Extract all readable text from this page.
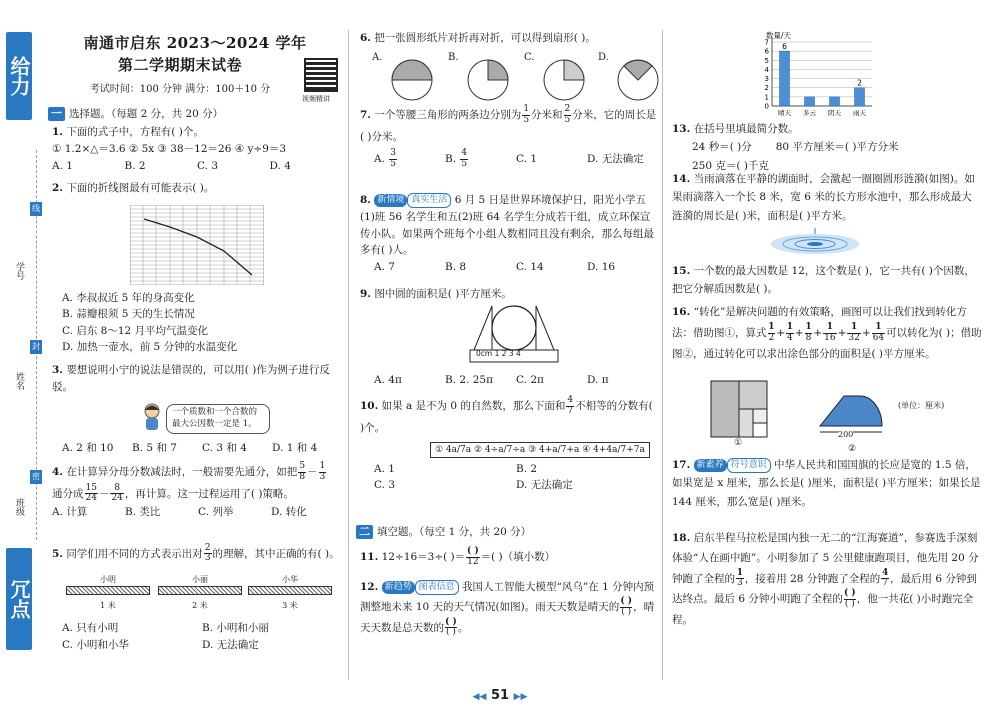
给力
冗点
学号
姓名
班级
线
封
密
南通市启东 2023～2024 学年
第二学期期末试卷
考试时间：100 分钟 满分：100＋10 分
视频精讲
一 选择题。（每题 2 分，共 20 分）
1. 下面的式子中，方程有( )个。
① 1.2×△＝3.6 ② 5x ③ 38－12＝26 ④ y÷9＝3
A. 1	B. 2	C. 3	D. 4
2. 下面的折线图最有可能表示( )。
A. 李叔叔近 5 年的身高变化
B. 蒜瓣根须 5 天的生长情况
C. 启东 8～12 月平均气温变化
D. 加热一壶水，前 5 分钟的水温变化
3. 要想说明小宁的说法是错误的，可以用( )作为例子进行反驳。
一个质数和一个合数的最大公因数一定是 1。
A. 2 和 10	B. 5 和 7	C. 3 和 4	D. 1 和 4
4. 在计算异分母分数减法时，一般需要先通分，如把 $\frac{5}{8} - \frac{1}{3}$
通分成 $\frac{15}{24} - \frac{8}{24}$ ，再计算。这一过程运用了( )策略。
A. 计算	B. 类比	C. 列举	D. 转化
5. 同学们用不同的方式表示出对 $\frac{2}{3}$ 的理解，其中正确的有( )。
小明	小丽	小华
1 米	2 米	3 米
A. 只有小明	B. 小明和小丽
C. 小明和小华	D. 无法确定
6. 把一张圆形纸片对折再对折，可以得到扇形( )。
A.	B.	C.	D.
7. 一个等腰三角形的两条边分别为 $\frac{1}{5}$ 分米和 $\frac{2}{5}$ 分米，它的周长是( )分米。
A. $\frac{3}{5}$	B. $\frac{4}{5}$	C. 1	D. 无法确定
8. 新情境 真实生活 6 月 5 日是世界环境保护日，阳光小学五(1)班 56 名学生和五(2)班 64 名学生分成若干组，成立环保宣传小队。如果两个班每个小组人数相同且没有剩余，那么每组最多有( )人。
A. 7	B. 8	C. 14	D. 16
9. 图中圆的面积是( )平方厘米。
0cm 1 2 3 4
A. 4π	B. 2. 25π	C. 2π	D. π
10. 如果 a 是不为 0 的自然数，那么下面和 $\frac{4}{7}$ 不相等的分数有( )个。
① 4a/7a ② 4÷a/7÷a ③ 4+a/7+a ④ 4+4a/7+7a
A. 1	B. 2
C. 3	D. 无法确定
二 填空题。（每空 1 分，共 20 分）
11. 12÷16＝3÷( )＝ $\frac{( )}{12}$ ＝( )（填小数）
12. 新趋势 图表信息 我国人工智能大模型“风乌”在 1 分钟内预测整地未来 10 天的天气情况(如图)。雨天天数是晴天的 $\frac{( )}{( )}$ ，晴天天数是总天数的 $\frac{( )}{( )}$ 。
数量/天
6
2
0
1
2
3
4
5
6
7
晴天 多云 阴天 雨天
13. 在括号里填最简分数。
24 秒＝( )分 80 平方厘米＝( )平方分米
250 克＝( )千克
14. 当雨滴落在平静的湖面时，会激起一圈圈圆形涟漪(如图)。如果雨滴落入一个长 8 米，宽 6 米的长方形水池中，那么形成最大涟漪的周长是( )米，面积是( )平方米。
15. 一个数的最大因数是 12，这个数是( )，它一共有( )个因数，把它分解质因数是( )。
16. “转化”是解决问题的有效策略，画图可以让我们找到转化方法：借助图①，算式 $\frac{1}{2} + \frac{1}{4} + \frac{1}{8} + \frac{1}{16} + \frac{1}{32} + \frac{1}{64}$ 可以转化为( )；借助图②，通过转化可以求出涂色部分的面积是( )平方厘米。
①
60
200
②
(单位：厘米)
17. 新素养 符号意识 中华人民共和国国旗的长应是宽的 1.5 倍，如果宽是 x 厘米，那么长是( )厘米，面积是( )平方厘米；如果长是 144 厘米，那么宽是( )厘米。
18. 启东半程马拉松是国内独一无二的“江海赛道”，参赛选手深刻体验“人在画中跑”。小明参加了 5 公里健康跑项目，他先用 20 分钟跑了全程的 $\frac{1}{3}$ ，接着用 28 分钟跑了全程的 $\frac{4}{7}$ ，最后用 6 分钟到达终点。最后 6 分钟小明跑了全程的 $\frac{( )}{( )}$ ，他一共花( )小时跑完全程。
◀◀ 51 ▶▶
